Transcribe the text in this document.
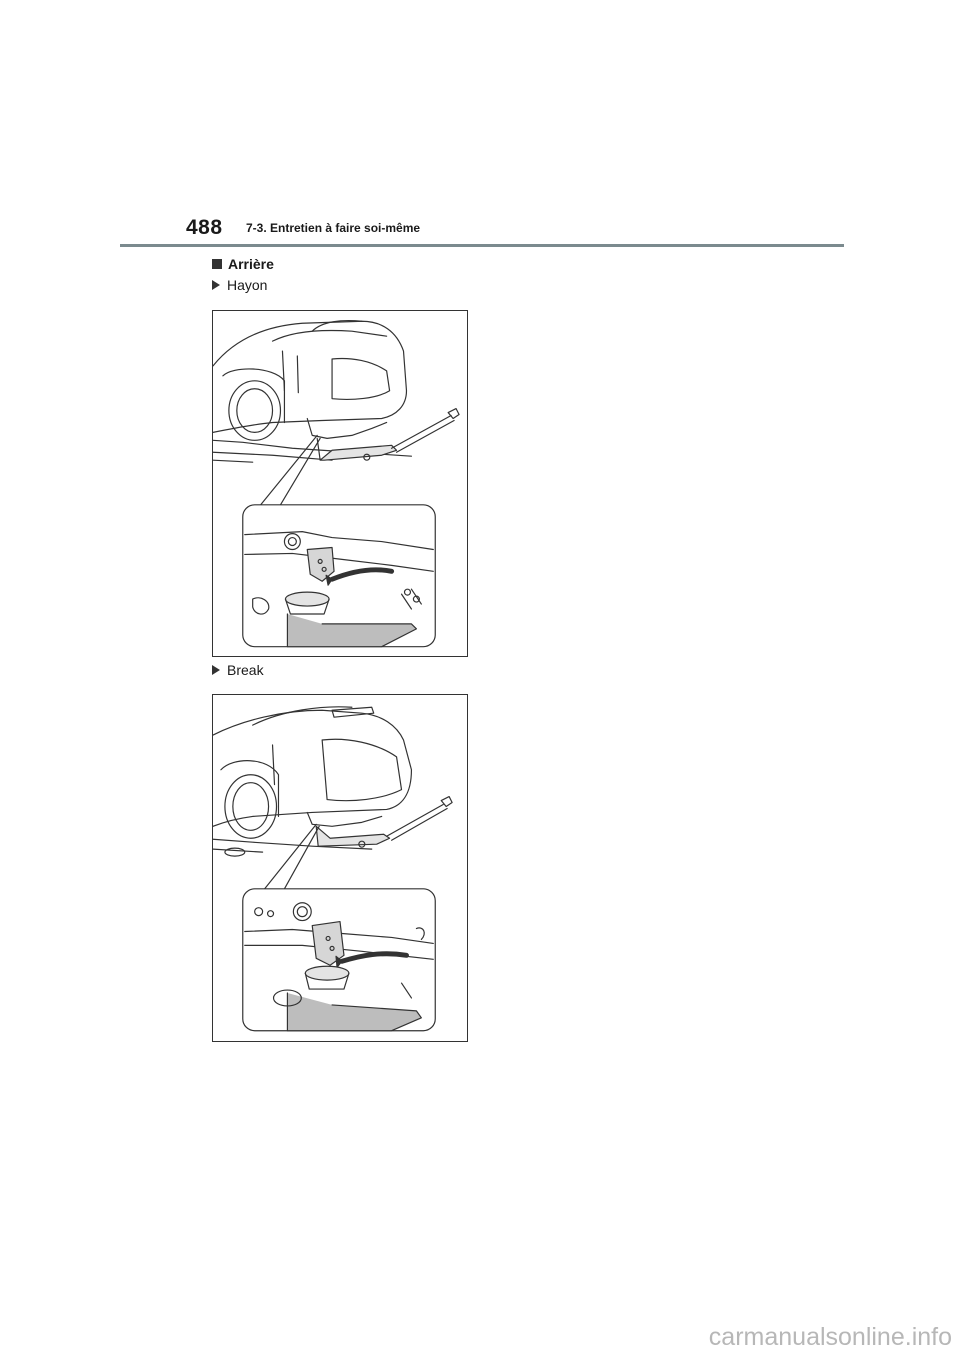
488 7-3. Entretien à faire soi-même
Arrière
Hayon
Break
carmanualsonline.info
